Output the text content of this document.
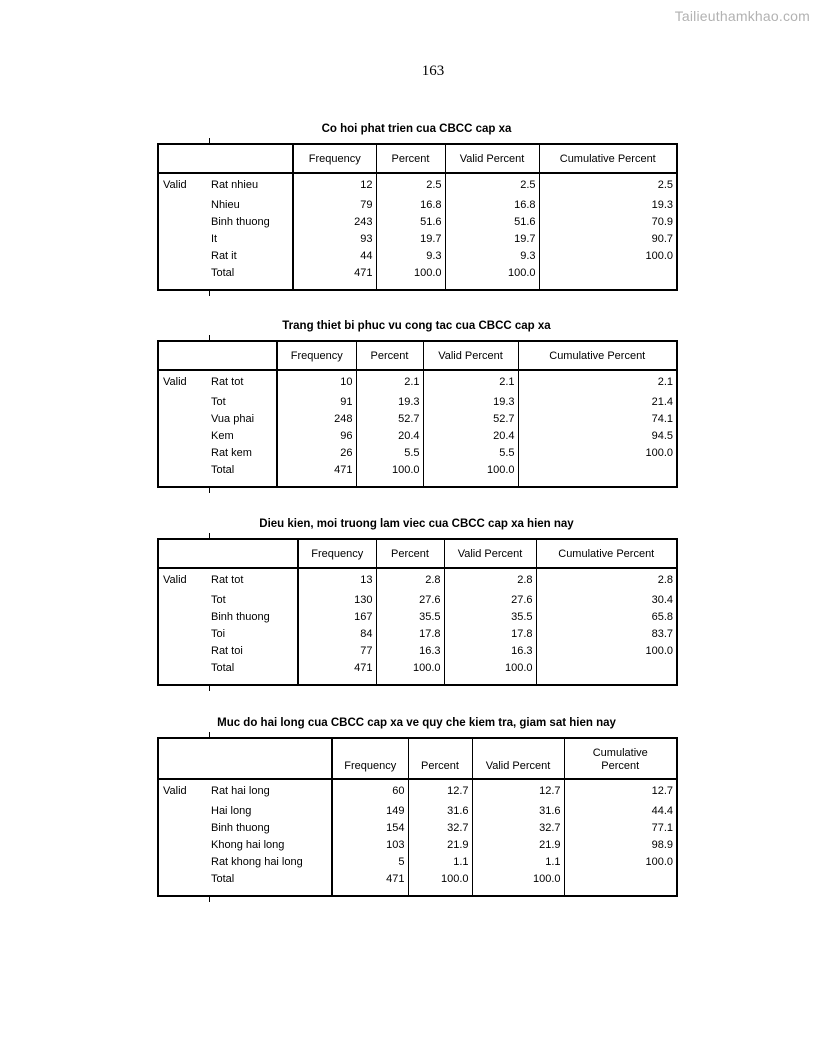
Tailieuthamkhao.com
163
Co hoi phat trien cua CBCC cap xa
		Frequency	Percent	Valid Percent	Cumulative Percent
Valid	Rat nhieu	12	2.5	2.5	2.5
	Nhieu	79	16.8	16.8	19.3
	Binh thuong	243	51.6	51.6	70.9
	It	93	19.7	19.7	90.7
	Rat it	44	9.3	9.3	100.0
	Total	471	100.0	100.0	
Trang thiet bi phuc vu cong tac cua CBCC cap xa
		Frequency	Percent	Valid Percent	Cumulative Percent
Valid	Rat tot	10	2.1	2.1	2.1
	Tot	91	19.3	19.3	21.4
	Vua phai	248	52.7	52.7	74.1
	Kem	96	20.4	20.4	94.5
	Rat kem	26	5.5	5.5	100.0
	Total	471	100.0	100.0	
Dieu kien, moi truong lam viec cua CBCC cap xa hien nay
		Frequency	Percent	Valid Percent	Cumulative Percent
Valid	Rat tot	13	2.8	2.8	2.8
	Tot	130	27.6	27.6	30.4
	Binh thuong	167	35.5	35.5	65.8
	Toi	84	17.8	17.8	83.7
	Rat toi	77	16.3	16.3	100.0
	Total	471	100.0	100.0	
Muc do hai long cua CBCC cap xa ve quy che kiem tra, giam sat hien nay
		Frequency	Percent	Valid Percent	Cumulative Percent
Valid	Rat hai long	60	12.7	12.7	12.7
	Hai long	149	31.6	31.6	44.4
	Binh thuong	154	32.7	32.7	77.1
	Khong hai long	103	21.9	21.9	98.9
	Rat khong hai long	5	1.1	1.1	100.0
	Total	471	100.0	100.0	
